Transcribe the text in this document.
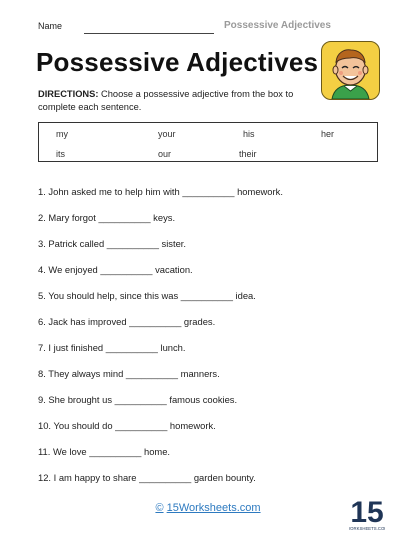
Name	Possessive Adjectives
Possessive Adjectives
DIRECTIONS: Choose a possessive adjective from the box to complete each sentence.
my	your	his	her
its	our	their
1. John asked me to help him with __________ homework.
2. Mary forgot __________ keys.
3. Patrick called __________ sister.
4. We enjoyed __________ vacation.
5. You should help, since this was __________ idea.
6. Jack has improved __________ grades.
7. I just finished __________ lunch.
8. They always mind __________ manners.
9. She brought us __________ famous cookies.
10. You should do __________ homework.
11. We love __________ home.
12. I am happy to share __________ garden bounty.
© 15Worksheets.com	15
ORKSHEETS.CO
